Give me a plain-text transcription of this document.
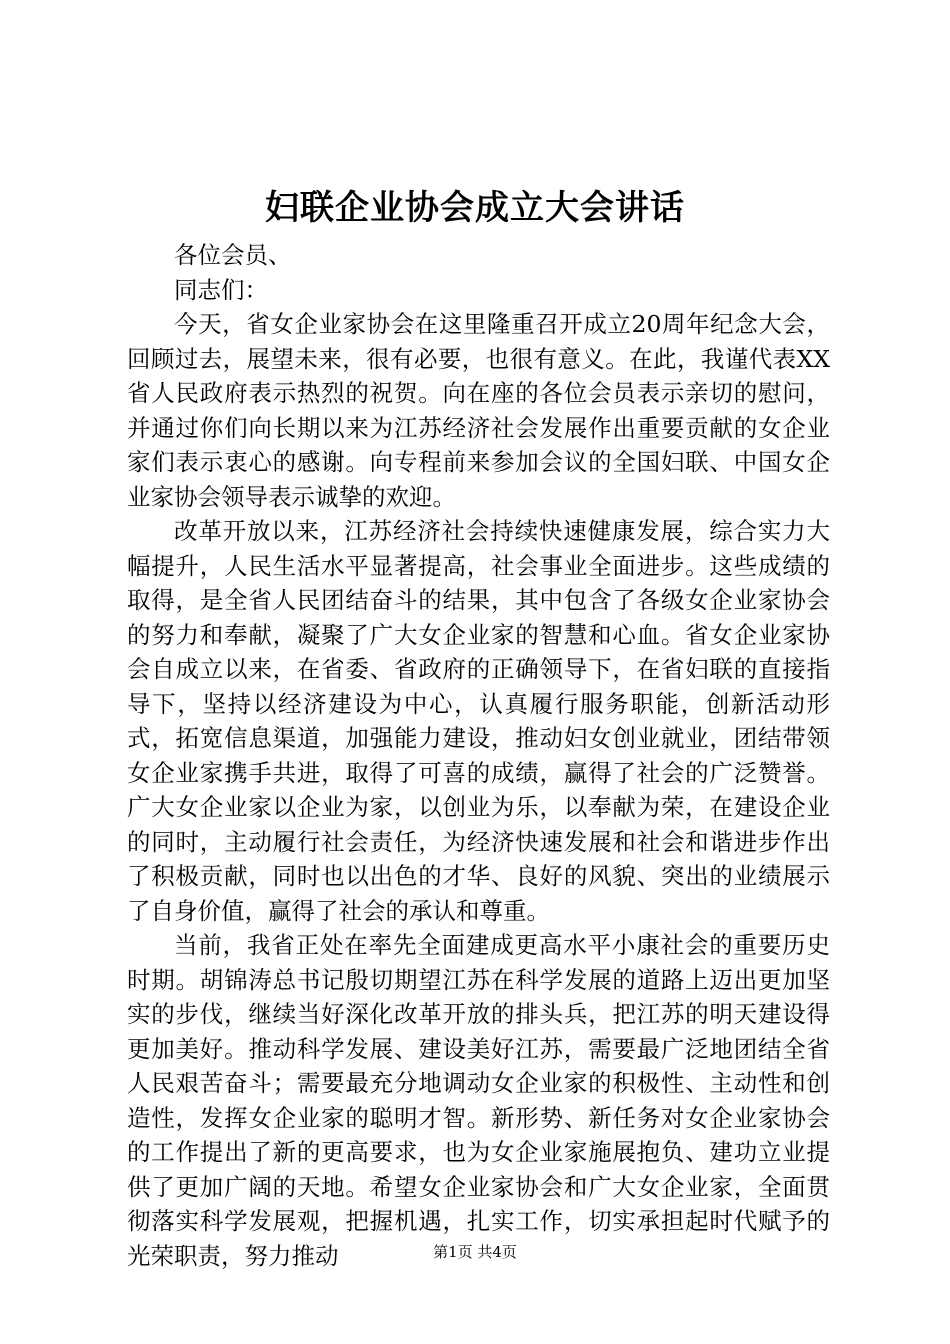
妇联企业协会成立大会讲话

各位会员、

同志们：

今天，省女企业家协会在这里隆重召开成立20周年纪念大会，回顾过去，展望未来，很有必要，也很有意义。在此，我谨代表XX省人民政府表示热烈的祝贺。向在座的各位会员表示亲切的慰问，并通过你们向长期以来为江苏经济社会发展作出重要贡献的女企业家们表示衷心的感谢。向专程前来参加会议的全国妇联、中国女企业家协会领导表示诚挚的欢迎。

改革开放以来，江苏经济社会持续快速健康发展，综合实力大幅提升，人民生活水平显著提高，社会事业全面进步。这些成绩的取得，是全省人民团结奋斗的结果，其中包含了各级女企业家协会的努力和奉献，凝聚了广大女企业家的智慧和心血。省女企业家协会自成立以来，在省委、省政府的正确领导下，在省妇联的直接指导下，坚持以经济建设为中心，认真履行服务职能，创新活动形式，拓宽信息渠道，加强能力建设，推动妇女创业就业，团结带领女企业家携手共进，取得了可喜的成绩，赢得了社会的广泛赞誉。广大女企业家以企业为家，以创业为乐，以奉献为荣，在建设企业的同时，主动履行社会责任，为经济快速发展和社会和谐进步作出了积极贡献，同时也以出色的才华、良好的风貌、突出的业绩展示了自身价值，赢得了社会的承认和尊重。

当前，我省正处在率先全面建成更高水平小康社会的重要历史时期。胡锦涛总书记殷切期望江苏在科学发展的道路上迈出更加坚实的步伐，继续当好深化改革开放的排头兵，把江苏的明天建设得更加美好。推动科学发展、建设美好江苏，需要最广泛地团结全省人民艰苦奋斗；需要最充分地调动女企业家的积极性、主动性和创造性，发挥女企业家的聪明才智。新形势、新任务对女企业家协会的工作提出了新的更高要求，也为女企业家施展抱负、建功立业提供了更加广阔的天地。希望女企业家协会和广大女企业家，全面贯彻落实科学发展观，把握机遇，扎实工作，切实承担起时代赋予的光荣职责，努力推动	第1页 共4页
